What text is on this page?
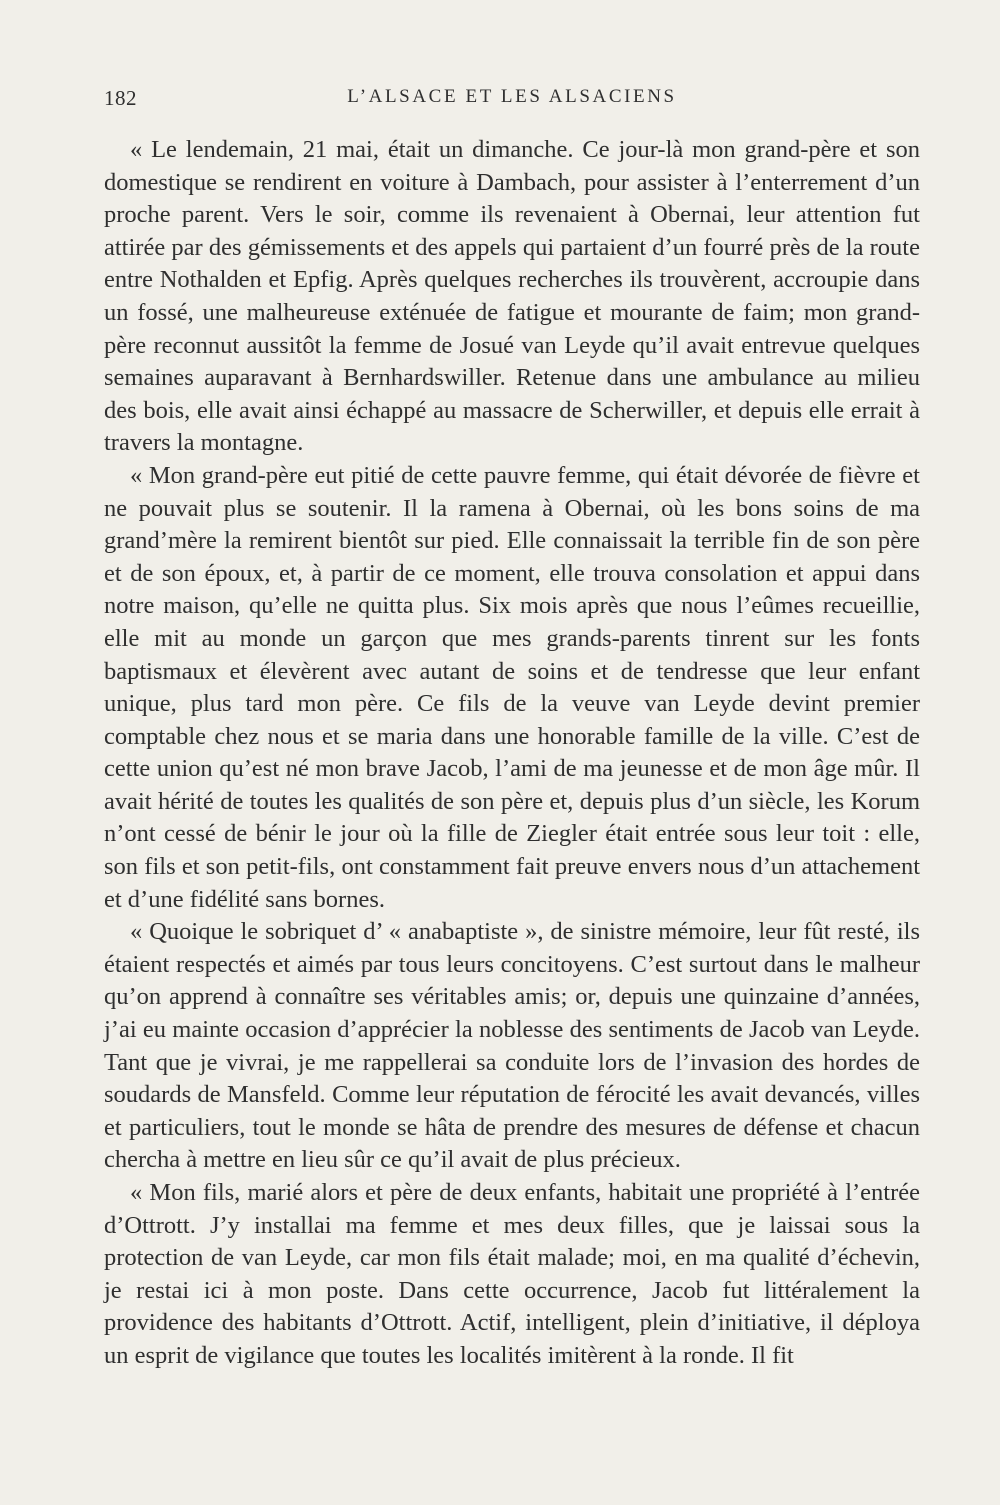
182	L’ALSACE ET LES ALSACIENS

« Le lendemain, 21 mai, était un dimanche. Ce jour-là mon grand-père et son domestique se rendirent en voiture à Dambach, pour assister à l’enterrement d’un proche parent. Vers le soir, comme ils revenaient à Obernai, leur attention fut attirée par des gémissements et des appels qui partaient d’un fourré près de la route entre Nothalden et Epfig. Après quelques recherches ils trouvèrent, accroupie dans un fossé, une malheureuse exténuée de fatigue et mourante de faim; mon grand-père reconnut aussitôt la femme de Josué van Leyde qu’il avait entrevue quelques semaines auparavant à Bernhardswiller. Retenue dans une ambulance au milieu des bois, elle avait ainsi échappé au massacre de Scherwiller, et depuis elle errait à travers la montagne.

« Mon grand-père eut pitié de cette pauvre femme, qui était dévorée de fièvre et ne pouvait plus se soutenir. Il la ramena à Obernai, où les bons soins de ma grand’mère la remirent bientôt sur pied. Elle connaissait la terrible fin de son père et de son époux, et, à partir de ce moment, elle trouva consolation et appui dans notre maison, qu’elle ne quitta plus. Six mois après que nous l’eûmes recueillie, elle mit au monde un garçon que mes grands-parents tinrent sur les fonts baptismaux et élevèrent avec autant de soins et de tendresse que leur enfant unique, plus tard mon père. Ce fils de la veuve van Leyde devint premier comptable chez nous et se maria dans une honorable famille de la ville. C’est de cette union qu’est né mon brave Jacob, l’ami de ma jeunesse et de mon âge mûr. Il avait hérité de toutes les qualités de son père et, depuis plus d’un siècle, les Korum n’ont cessé de bénir le jour où la fille de Ziegler était entrée sous leur toit : elle, son fils et son petit-fils, ont constamment fait preuve envers nous d’un attachement et d’une fidélité sans bornes.

« Quoique le sobriquet d’ « anabaptiste », de sinistre mémoire, leur fût resté, ils étaient respectés et aimés par tous leurs concitoyens. C’est surtout dans le malheur qu’on apprend à connaître ses véritables amis; or, depuis une quinzaine d’années, j’ai eu mainte occasion d’apprécier la noblesse des sentiments de Jacob van Leyde. Tant que je vivrai, je me rappellerai sa conduite lors de l’invasion des hordes de soudards de Mansfeld. Comme leur réputation de férocité les avait devancés, villes et particuliers, tout le monde se hâta de prendre des mesures de défense et chacun chercha à mettre en lieu sûr ce qu’il avait de plus précieux.

« Mon fils, marié alors et père de deux enfants, habitait une propriété à l’entrée d’Ottrott. J’y installai ma femme et mes deux filles, que je laissai sous la protection de van Leyde, car mon fils était malade; moi, en ma qualité d’échevin, je restai ici à mon poste. Dans cette occurrence, Jacob fut littéralement la providence des habitants d’Ottrott. Actif, intelligent, plein d’initiative, il déploya un esprit de vigilance que toutes les localités imitèrent à la ronde. Il fit
